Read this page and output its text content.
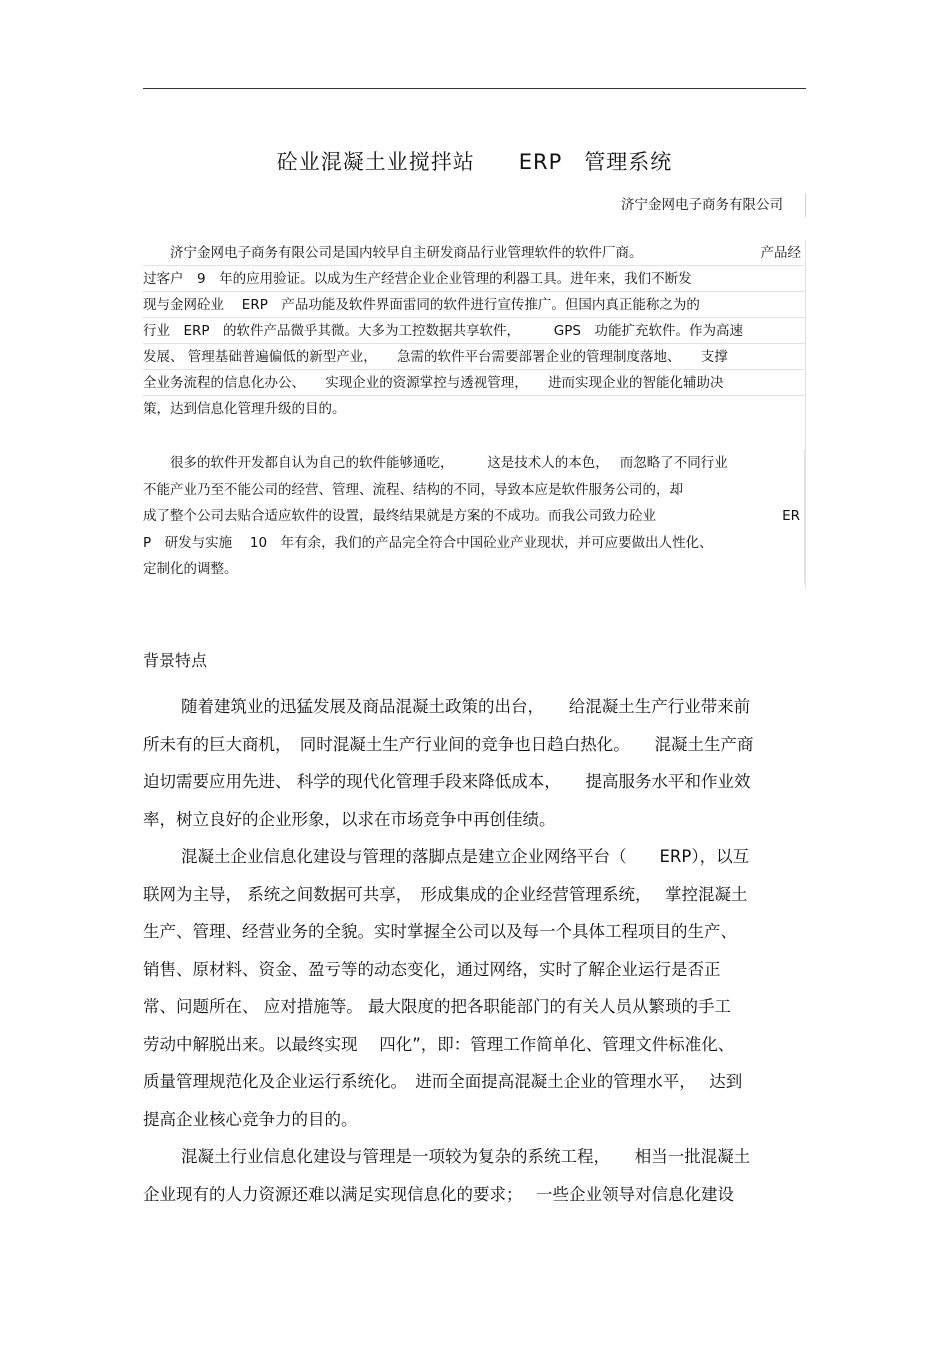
砼业混凝土业搅拌站　　ERP　管理系统
济宁金网电子商务有限公司
　　济宁金网电子商务有限公司是国内较早自主研发商品行业管理软件的软件厂商。	产品经
过客户　9　年的应用验证。以成为生产经营企业企业管理的利器工具。进年来，我们不断发
现与金网砼业　 ERP　产品功能及软件界面雷同的软件进行宣传推广。但国内真正能称之为的
行业　ERP　的软件产品微乎其微。大多为工控数据共享软件，　　　GPS　功能扩充软件。作为高速
发展、 管理基础普遍偏低的新型产业，　　急需的软件平台需要部署企业的管理制度落地、　　支撑
全业务流程的信息化办公、　　实现企业的资源掌控与透视管理，　　进而实现企业的智能化辅助决
策，达到信息化管理升级的目的。
　　很多的软件开发都自认为自己的软件能够通吃，　　　这是技术人的本色，　 而忽略了不同行业
不能产业乃至不能公司的经营、管理、流程、结构的不同，导致本应是软件服务公司的，却
成了整个公司去贴合适应软件的设置，最终结果就是方案的不成功。而我公司致力砼业	ER
P　研发与实施　 10　年有余，我们的产品完全符合中国砼业产业现状，并可应要做出人性化、
定制化的调整。
背景特点
随着建筑业的迅猛发展及商品混凝土政策的出台，　　给混凝土生产行业带来前
所未有的巨大商机，　同时混凝土生产行业间的竞争也日趋白热化。　　混凝土生产商
迫切需要应用先进、 科学的现代化管理手段来降低成本，　　提高服务水平和作业效
率，树立良好的企业形象，以求在市场竞争中再创佳绩。
混凝土企业信息化建设与管理的落脚点是建立企业网络平台（　　ERP），以互
联网为主导， 系统之间数据可共享，　形成集成的企业经营管理系统，　 掌控混凝土
生产、管理、经营业务的全貌。实时掌握全公司以及每一个具体工程项目的生产、
销售、原材料、资金、盈亏等的动态变化，通过网络，实时了解企业运行是否正
常、问题所在、 应对措施等。 最大限度的把各职能部门的有关人员从繁琐的手工
劳动中解脱出来。以最终实现　 四化”，即：管理工作简单化、管理文件标准化、
质量管理规范化及企业运行系统化。　进而全面提高混凝土企业的管理水平，　 达到
提高企业核心竞争力的目的。
混凝土行业信息化建设与管理是一项较为复杂的系统工程，　　相当一批混凝土
企业现有的人力资源还难以满足实现信息化的要求；　 一些企业领导对信息化建设
